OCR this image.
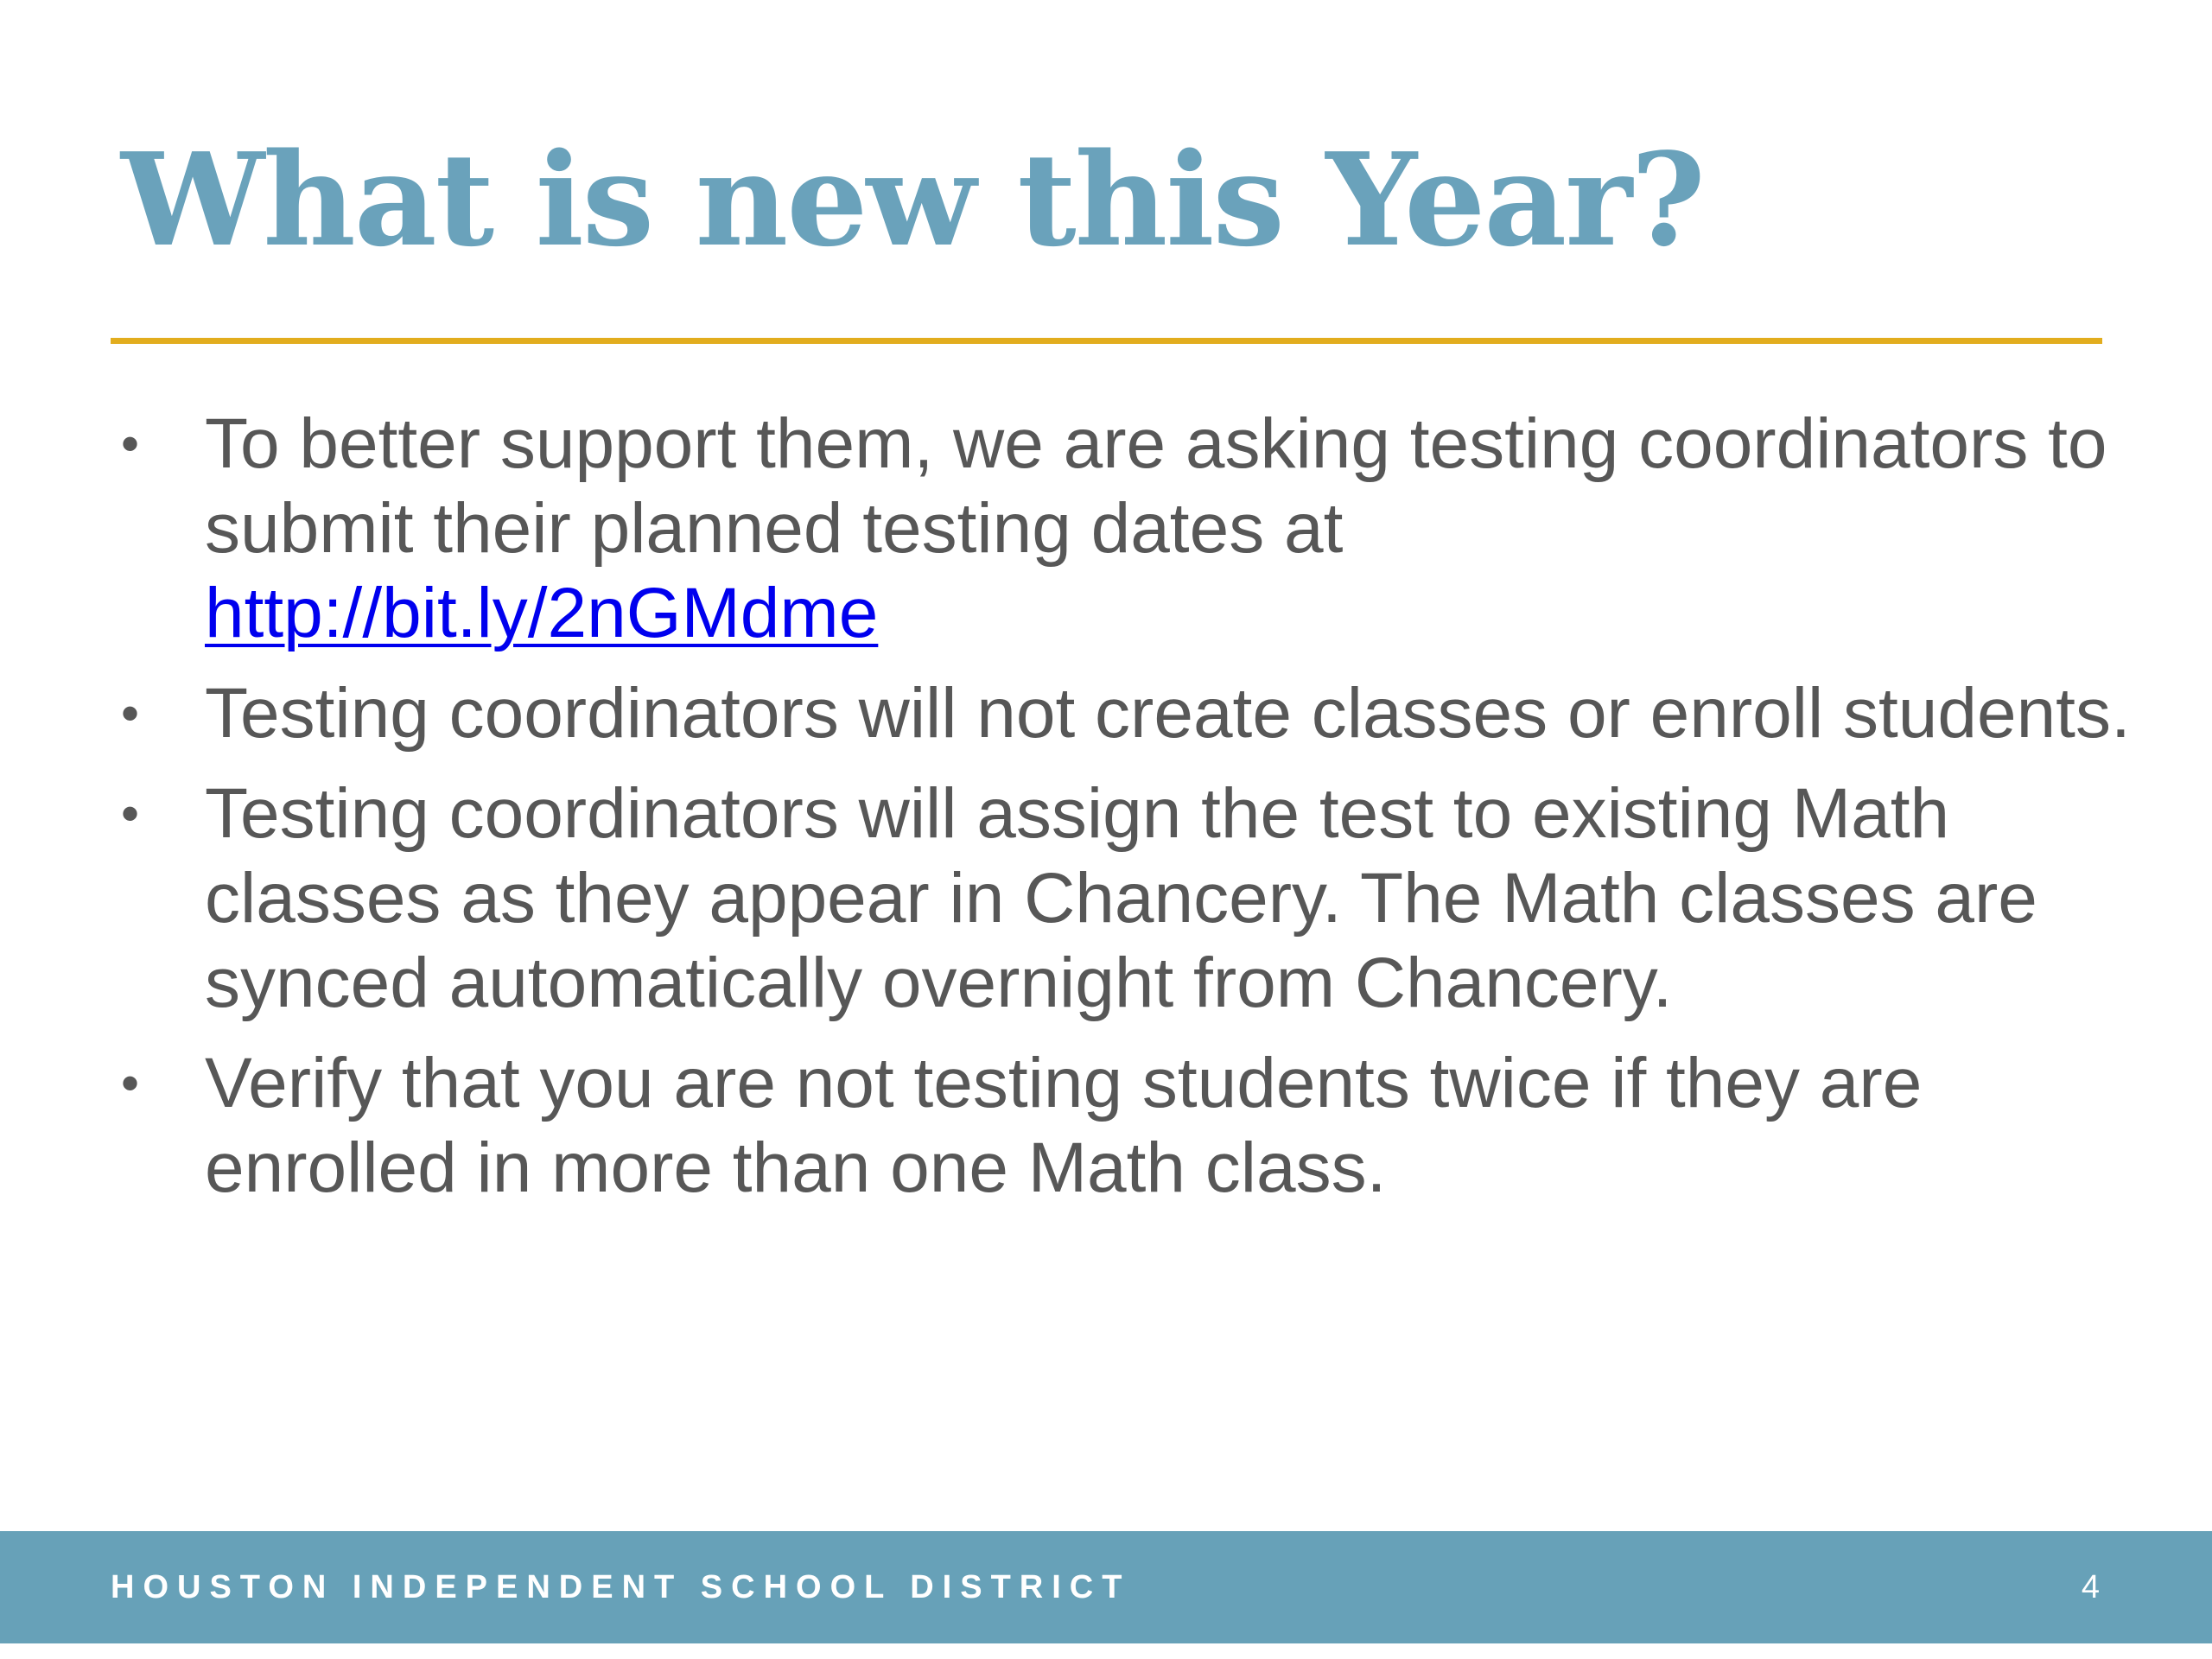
What is new this Year?
• To better support them, we are asking testing coordinators to submit their planned testing dates at
http://bit.ly/2nGMdme
• Testing coordinators will not create classes or enroll students.
• Testing coordinators will assign the test to existing Math classes as they appear in Chancery. The Math classes are synced automatically overnight from Chancery.
• Verify that you are not testing students twice if they are enrolled in more than one Math class.
HOUSTON INDEPENDENT SCHOOL DISTRICT	4
